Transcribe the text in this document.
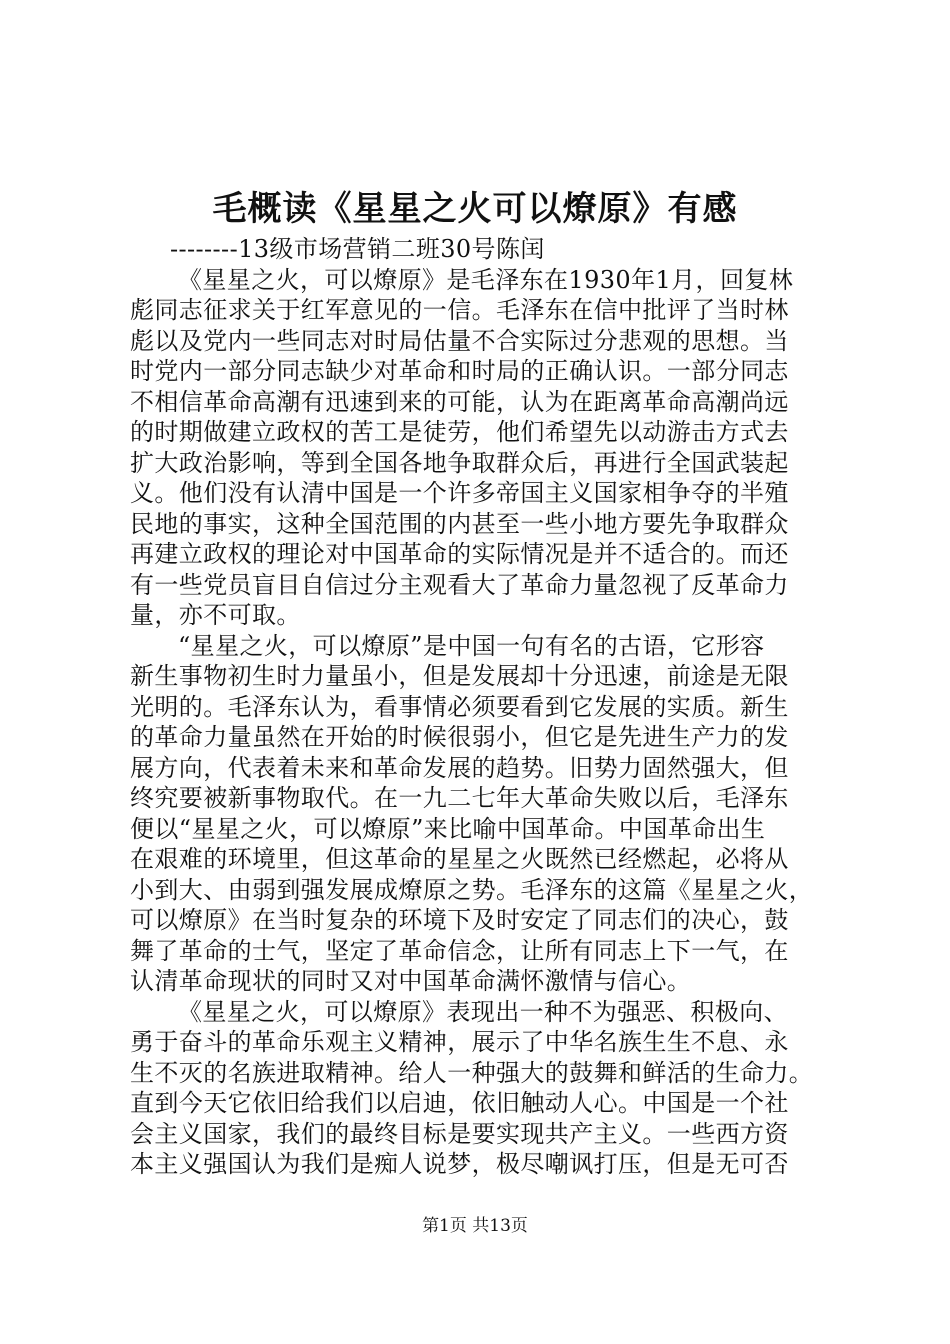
毛概读《星星之火可以燎原》有感
--------13级市场营销二班30号陈闰
《星星之火，可以燎原》是毛泽东在1930年1月，回复林
彪同志征求关于红军意见的一信。毛泽东在信中批评了当时林
彪以及党内一些同志对时局估量不合实际过分悲观的思想。当
时党内一部分同志缺少对革命和时局的正确认识。一部分同志
不相信革命高潮有迅速到来的可能，认为在距离革命高潮尚远
的时期做建立政权的苦工是徒劳，他们希望先以动游击方式去
扩大政治影响，等到全国各地争取群众后，再进行全国武装起
义。他们没有认清中国是一个许多帝国主义国家相争夺的半殖
民地的事实，这种全国范围的内甚至一些小地方要先争取群众
再建立政权的理论对中国革命的实际情况是并不适合的。而还
有一些党员盲目自信过分主观看大了革命力量忽视了反革命力
量，亦不可取。
“星星之火，可以燎原”是中国一句有名的古语，它形容
新生事物初生时力量虽小，但是发展却十分迅速，前途是无限
光明的。毛泽东认为，看事情必须要看到它发展的实质。新生
的革命力量虽然在开始的时候很弱小，但它是先进生产力的发
展方向，代表着未来和革命发展的趋势。旧势力固然强大，但
终究要被新事物取代。在一九二七年大革命失败以后，毛泽东
便以“星星之火，可以燎原”来比喻中国革命。中国革命出生
在艰难的环境里，但这革命的星星之火既然已经燃起，必将从
小到大、由弱到强发展成燎原之势。毛泽东的这篇《星星之火，
可以燎原》在当时复杂的环境下及时安定了同志们的决心，鼓
舞了革命的士气，坚定了革命信念，让所有同志上下一气，在
认清革命现状的同时又对中国革命满怀激情与信心。
《星星之火，可以燎原》表现出一种不为强恶、积极向、
勇于奋斗的革命乐观主义精神，展示了中华名族生生不息、永
生不灭的名族进取精神。给人一种强大的鼓舞和鲜活的生命力。
直到今天它依旧给我们以启迪，依旧触动人心。中国是一个社
会主义国家，我们的最终目标是要实现共产主义。一些西方资
本主义强国认为我们是痴人说梦，极尽嘲讽打压，但是无可否
第1页 共13页
